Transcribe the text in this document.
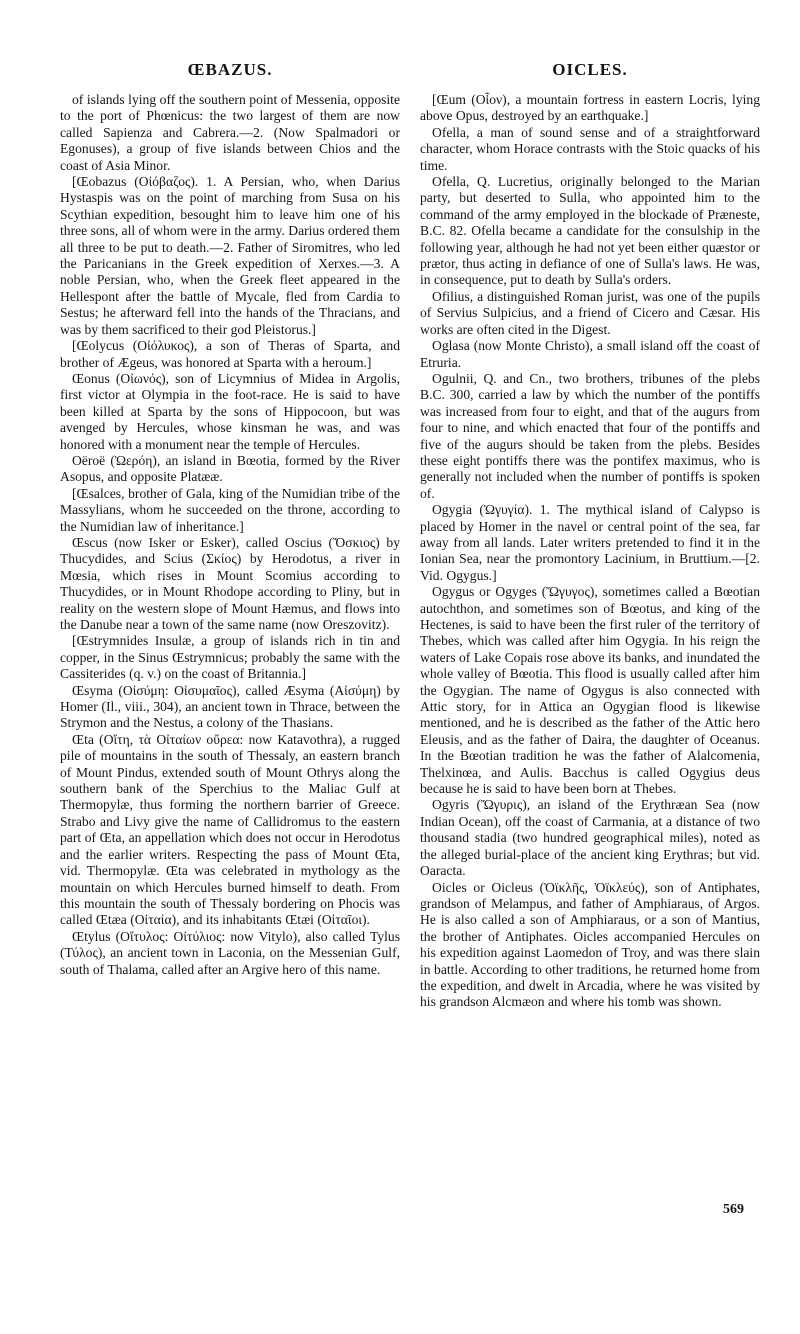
ŒBAZUS.	OICLES.

of islands lying off the southern point of Messenia, opposite to the port of Phœnicus: the two largest of them are now called Sapienza and Cabrera.—2. (Now Spalmadori or Egonuses), a group of five islands between Chios and the coast of Asia Minor.

[Œobazus (Οἰόβαζος). 1. A Persian, who, when Darius Hystaspis was on the point of marching from Susa on his Scythian expedition, besought him to leave him one of his three sons, all of whom were in the army. Darius ordered them all three to be put to death.—2. Father of Siromitres, who led the Paricanians in the Greek expedition of Xerxes.—3. A noble Persian, who, when the Greek fleet appeared in the Hellespont after the battle of Mycale, fled from Cardia to Sestus; he afterward fell into the hands of the Thracians, and was by them sacrificed to their god Pleistorus.]

[Œolycus (Οἰόλυκος), a son of Theras of Sparta, and brother of Ægeus, was honored at Sparta with a heroum.]

Œonus (Οἰωνός), son of Licymnius of Midea in Argolis, first victor at Olympia in the foot-race. He is said to have been killed at Sparta by the sons of Hippocoon, but was avenged by Hercules, whose kinsman he was, and was honored with a monument near the temple of Hercules.

Oëroë (Ὠερόη), an island in Bœotia, formed by the River Asopus, and opposite Platææ.

[Œsalces, brother of Gala, king of the Numidian tribe of the Massylians, whom he succeeded on the throne, according to the Numidian law of inheritance.]

Œscus (now Isker or Esker), called Oscius (Ὄσκιος) by Thucydides, and Scius (Σκίος) by Herodotus, a river in Mœsia, which rises in Mount Scomius according to Thucydides, or in Mount Rhodope according to Pliny, but in reality on the western slope of Mount Hæmus, and flows into the Danube near a town of the same name (now Oreszovitz).

[Œstrymnides Insulæ, a group of islands rich in tin and copper, in the Sinus Œstrymnicus; probably the same with the Cassiterides (q. v.) on the coast of Britannia.]

Œsyma (Οἰσύμη: Οἰσυμαῖος), called Æsyma (Αἰσύμη) by Homer (Il., viii., 304), an ancient town in Thrace, between the Strymon and the Nestus, a colony of the Thasians.

Œta (Οἴτη, τὰ Οἰταίων οὔρεα: now Katavothra), a rugged pile of mountains in the south of Thessaly, an eastern branch of Mount Pindus, extended south of Mount Othrys along the southern bank of the Sperchius to the Maliac Gulf at Thermopylæ, thus forming the northern barrier of Greece. Strabo and Livy give the name of Callidromus to the eastern part of Œta, an appellation which does not occur in Herodotus and the earlier writers. Respecting the pass of Mount Œta, vid. Thermopylæ. Œta was celebrated in mythology as the mountain on which Hercules burned himself to death. From this mountain the south of Thessaly bordering on Phocis was called Œtæa (Οἰταία), and its inhabitants Œtæi (Οἰταῖοι).

Œtylus (Οἴτυλος: Οἰτύλιος: now Vitylo), also called Tylus (Τύλος), an ancient town in Laconia, on the Messenian Gulf, south of Thalama, called after an Argive hero of this name.

[Œum (Οἶον), a mountain fortress in eastern Locris, lying above Opus, destroyed by an earthquake.]

Ofella, a man of sound sense and of a straightforward character, whom Horace contrasts with the Stoic quacks of his time.

Ofella, Q. Lucretius, originally belonged to the Marian party, but deserted to Sulla, who appointed him to the command of the army employed in the blockade of Præneste, B.C. 82. Ofella became a candidate for the consulship in the following year, although he had not yet been either quæstor or prætor, thus acting in defiance of one of Sulla's laws. He was, in consequence, put to death by Sulla's orders.

Ofilius, a distinguished Roman jurist, was one of the pupils of Servius Sulpicius, and a friend of Cicero and Cæsar. His works are often cited in the Digest.

Oglasa (now Monte Christo), a small island off the coast of Etruria.

Ogulnii, Q. and Cn., two brothers, tribunes of the plebs B.C. 300, carried a law by which the number of the pontiffs was increased from four to eight, and that of the augurs from four to nine, and which enacted that four of the pontiffs and five of the augurs should be taken from the plebs. Besides these eight pontiffs there was the pontifex maximus, who is generally not included when the number of pontiffs is spoken of.

Ogygia (Ὠγυγία). 1. The mythical island of Calypso is placed by Homer in the navel or central point of the sea, far away from all lands. Later writers pretended to find it in the Ionian Sea, near the promontory Lacinium, in Bruttium.—[2. Vid. Ogygus.]

Ogygus or Ogyges (Ὤγυγος), sometimes called a Bœotian autochthon, and sometimes son of Bœotus, and king of the Hectenes, is said to have been the first ruler of the territory of Thebes, which was called after him Ogygia. In his reign the waters of Lake Copais rose above its banks, and inundated the whole valley of Bœotia. This flood is usually called after him the Ogygian. The name of Ogygus is also connected with Attic story, for in Attica an Ogygian flood is likewise mentioned, and he is described as the father of the Attic hero Eleusis, and as the father of Daira, the daughter of Oceanus. In the Bœotian tradition he was the father of Alalcomenia, Thelxinœa, and Aulis. Bacchus is called Ogygius deus because he is said to have been born at Thebes.

Ogyris (Ὤγυρις), an island of the Erythræan Sea (now Indian Ocean), off the coast of Carmania, at a distance of two thousand stadia (two hundred geographical miles), noted as the alleged burial-place of the ancient king Erythras; but vid. Oaracta.

Oicles or Oicleus (Ὀϊκλῆς, Ὀϊκλεύς), son of Antiphates, grandson of Melampus, and father of Amphiaraus, of Argos. He is also called a son of Amphiaraus, or a son of Mantius, the brother of Antiphates. Oicles accompanied Hercules on his expedition against Laomedon of Troy, and was there slain in battle. According to other traditions, he returned home from the expedition, and dwelt in Arcadia, where he was visited by his grandson Alcmæon and where his tomb was shown.

569
